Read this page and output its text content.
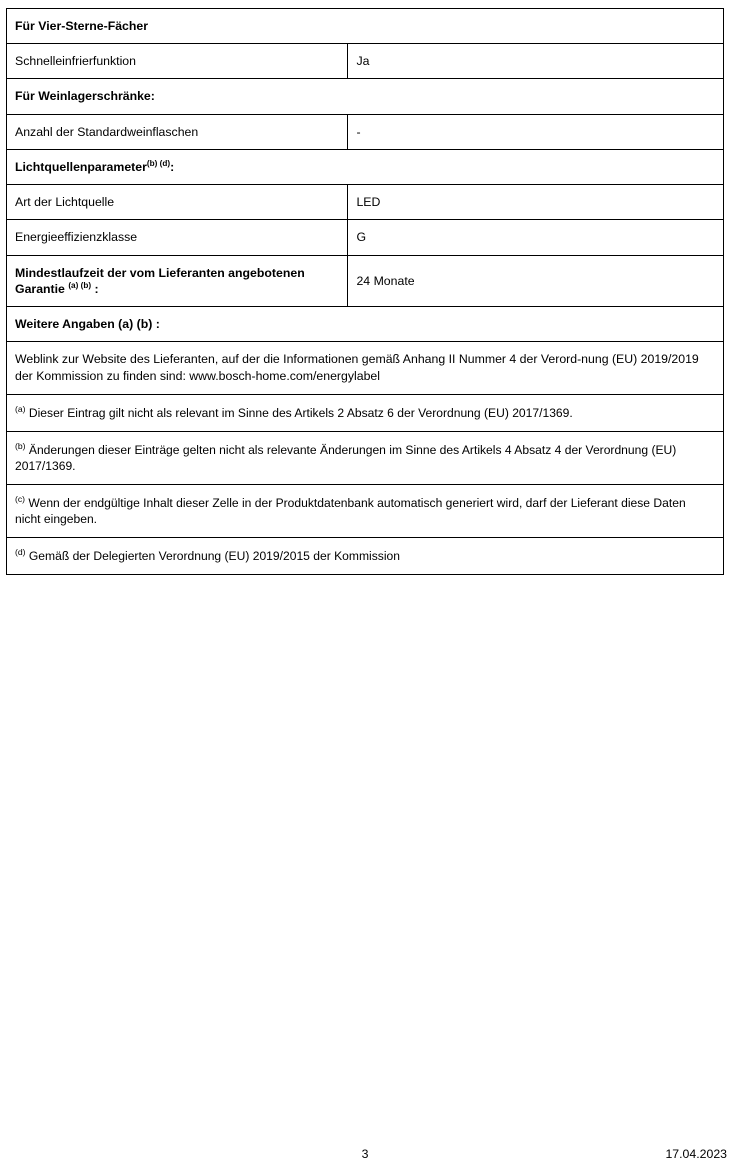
Für Vier-Sterne-Fächer	
Schnelleinfrierfunktion	Ja
Für Weinlagerschränke:	
Anzahl der Standardweinflaschen	-
Lichtquellenparameter$^{(b) (d)}$:	
Art der Lichtquelle	LED
Energieeffizienzklasse	G
Mindestlaufzeit der vom Lieferanten angebotenen Garantie $^{(a) (b)}$ :	24 Monate
Weitere Angaben (a) (b) :	
Weblink zur Website des Lieferanten, auf der die Informationen gemäß Anhang II Nummer 4 der Verord-nung (EU) 2019/2019 der Kommission zu finden sind: www.bosch-home.com/energylabel	
$^{(a)}$ Dieser Eintrag gilt nicht als relevant im Sinne des Artikels 2 Absatz 6 der Verordnung (EU) 2017/1369.	
$^{(b)}$ Änderungen dieser Einträge gelten nicht als relevante Änderungen im Sinne des Artikels 4 Absatz 4 der Verordnung (EU) 2017/1369.	
$^{(c)}$ Wenn der endgültige Inhalt dieser Zelle in der Produktdatenbank automatisch generiert wird, darf der Lieferant diese Daten nicht eingeben.	
$^{(d)}$ Gemäß der Delegierten Verordnung (EU) 2019/2015 der Kommission	
3	17.04.2023
